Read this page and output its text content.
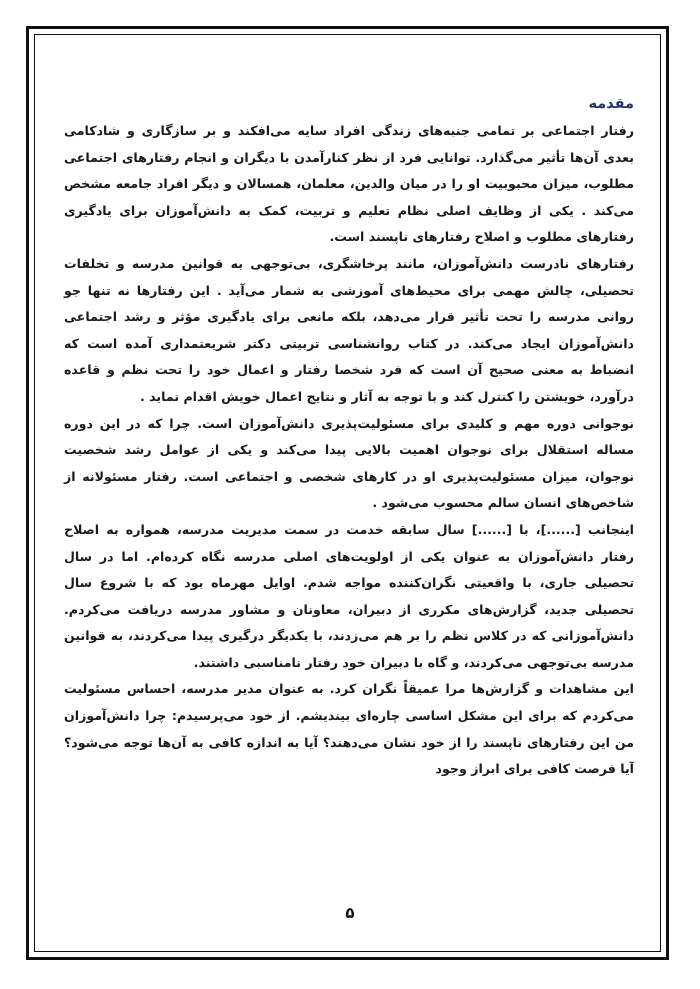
مقدمه

رفتار اجتماعی بر تمامی جنبه‌های زندگی افراد سایه می‌افکند و بر سازگاری و شادکامی بعدی آن‌ها تأثیر می‌گذارد. توانایی فرد از نظر کنارآمدن با دیگران و انجام رفتارهای اجتماعی مطلوب، میزان محبوبیت او را در میان والدین، معلمان، همسالان و دیگر افراد جامعه مشخص می‌کند . یکی از وظایف اصلی نظام تعلیم و تربیت، کمک به دانش‌آموزان برای یادگیری رفتارهای مطلوب و اصلاح رفتارهای ناپسند است.

رفتارهای نادرست دانش‌آموزان، مانند پرخاشگری، بی‌توجهی به قوانین مدرسه و تخلفات تحصیلی، چالش مهمی برای محیط‌های آموزشی به شمار می‌آید . این رفتارها نه تنها جو روانی مدرسه را تحت تأثیر قرار می‌دهد، بلکه مانعی برای یادگیری مؤثر و رشد اجتماعی دانش‌آموزان ایجاد می‌کند. در کتاب روانشناسی تربیتی دکتر شریعتمداری آمده است که انضباط به معنی صحیح آن است که فرد شخصا رفتار و اعمال خود را تحت نظم و قاعده درآورد، خویشتن را کنترل کند و با توجه به آثار و نتایج اعمال خویش اقدام نماید .

نوجوانی دوره مهم و کلیدی برای مسئولیت‌پذیری دانش‌آموزان است. چرا که در این دوره مساله استقلال برای نوجوان اهمیت بالایی پیدا می‌کند و یکی از عوامل رشد شخصیت نوجوان، میزان مسئولیت‌پذیری او در کارهای شخصی و اجتماعی است. رفتار مسئولانه از شاخص‌های انسان سالم محسوب می‌شود .

اینجانب [......]، با [......] سال سابقه خدمت در سمت مدیریت مدرسه، همواره به اصلاح رفتار دانش‌آموزان به عنوان یکی از اولویت‌های اصلی مدرسه نگاه کرده‌ام. اما در سال تحصیلی جاری، با واقعیتی نگران‌کننده مواجه شدم. اوایل مهرماه بود که با شروع سال تحصیلی جدید، گزارش‌های مکرری از دبیران، معاونان و مشاور مدرسه دریافت می‌کردم. دانش‌آموزانی که در کلاس نظم را بر هم می‌زدند، با یکدیگر درگیری پیدا می‌کردند، به قوانین مدرسه بی‌توجهی می‌کردند، و گاه با دبیران خود رفتار نامناسبی داشتند.

این مشاهدات و گزارش‌ها مرا عمیقاً نگران کرد. به عنوان مدیر مدرسه، احساس مسئولیت می‌کردم که برای این مشکل اساسی چاره‌ای بیندیشم. از خود می‌پرسیدم: چرا دانش‌آموزان من این رفتارهای ناپسند را از خود نشان می‌دهند؟ آیا به اندازه کافی به آن‌ها توجه می‌شود؟ آیا فرصت کافی برای ابراز وجود

۵
